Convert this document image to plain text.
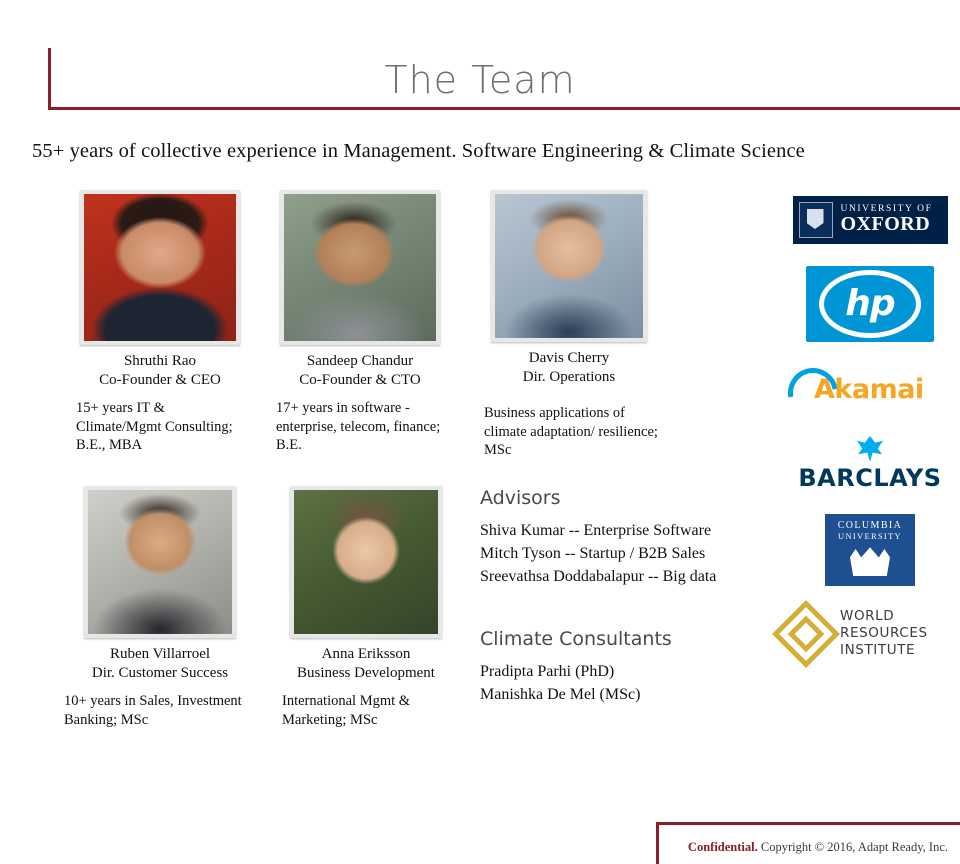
The Team
55+ years of collective experience in Management. Software Engineering & Climate Science
Shruthi Rao
Co-Founder & CEO
15+ years IT & Climate/Mgmt Consulting; B.E., MBA
Sandeep Chandur
Co-Founder & CTO
17+ years in software - enterprise, telecom, finance; B.E.
Davis Cherry
Dir. Operations
Business applications of climate adaptation/ resilience; MSc
Ruben Villarroel
Dir. Customer Success
10+ years in Sales, Investment Banking; MSc
Anna Eriksson
Business Development
International Mgmt & Marketing; MSc
Advisors
Shiva Kumar -- Enterprise Software
Mitch Tyson -- Startup / B2B Sales
Sreevathsa Doddabalapur -- Big data
Climate Consultants
Pradipta Parhi (PhD)
Manishka De Mel (MSc)
UNIVERSITY OF
OXFORD
hp
Akamai
BARCLAYS
COLUMBIA
UNIVERSITY
WORLD
RESOURCES
INSTITUTE
Confidential. Copyright © 2016, Adapt Ready, Inc.
